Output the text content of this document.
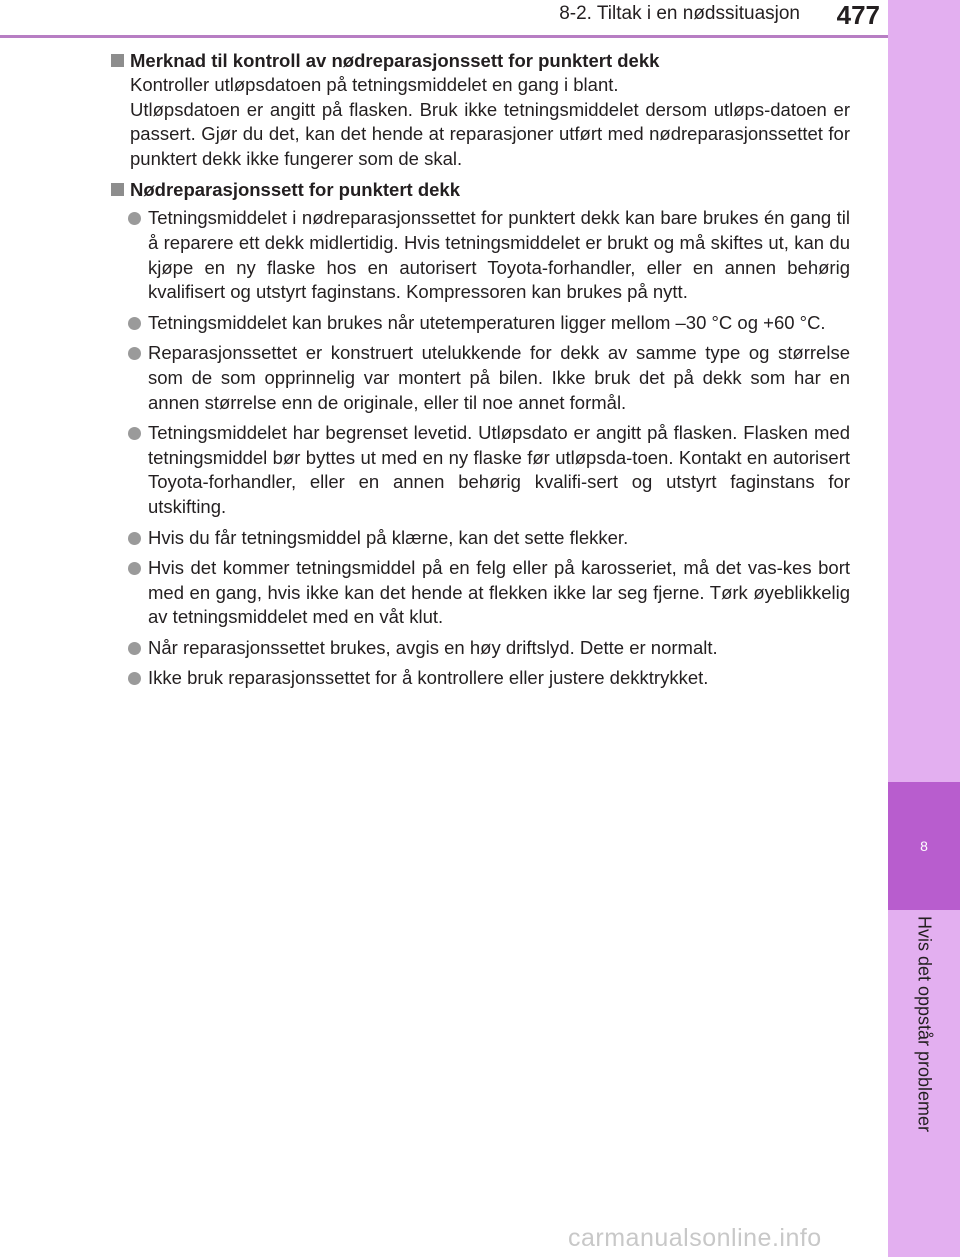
8
Hvis det oppstår problemer
8-2. Tiltak i en nødssituasjon	477
Merknad til kontroll av nødreparasjonssett for punktert dekk
Kontroller utløpsdatoen på tetningsmiddelet en gang i blant.
Utløpsdatoen er angitt på flasken. Bruk ikke tetningsmiddelet dersom utløps-datoen er passert. Gjør du det, kan det hende at reparasjoner utført med nødreparasjonssettet for punktert dekk ikke fungerer som de skal.
Nødreparasjonssett for punktert dekk
Tetningsmiddelet i nødreparasjonssettet for punktert dekk kan bare brukes én gang til å reparere ett dekk midlertidig. Hvis tetningsmiddelet er brukt og må skiftes ut, kan du kjøpe en ny flaske hos en autorisert Toyota-forhandler, eller en annen behørig kvalifisert og utstyrt faginstans. Kompressoren kan brukes på nytt.
Tetningsmiddelet kan brukes når utetemperaturen ligger mellom –30 °C og +60 °C.
Reparasjonssettet er konstruert utelukkende for dekk av samme type og størrelse som de som opprinnelig var montert på bilen. Ikke bruk det på dekk som har en annen størrelse enn de originale, eller til noe annet formål.
Tetningsmiddelet har begrenset levetid. Utløpsdato er angitt på flasken. Flasken med tetningsmiddel bør byttes ut med en ny flaske før utløpsda-toen. Kontakt en autorisert Toyota-forhandler, eller en annen behørig kvalifi-sert og utstyrt faginstans for utskifting.
Hvis du får tetningsmiddel på klærne, kan det sette flekker.
Hvis det kommer tetningsmiddel på en felg eller på karosseriet, må det vas-kes bort med en gang, hvis ikke kan det hende at flekken ikke lar seg fjerne. Tørk øyeblikkelig av tetningsmiddelet med en våt klut.
Når reparasjonssettet brukes, avgis en høy driftslyd. Dette er normalt.
Ikke bruk reparasjonssettet for å kontrollere eller justere dekktrykket.
carmanualsonline.info
